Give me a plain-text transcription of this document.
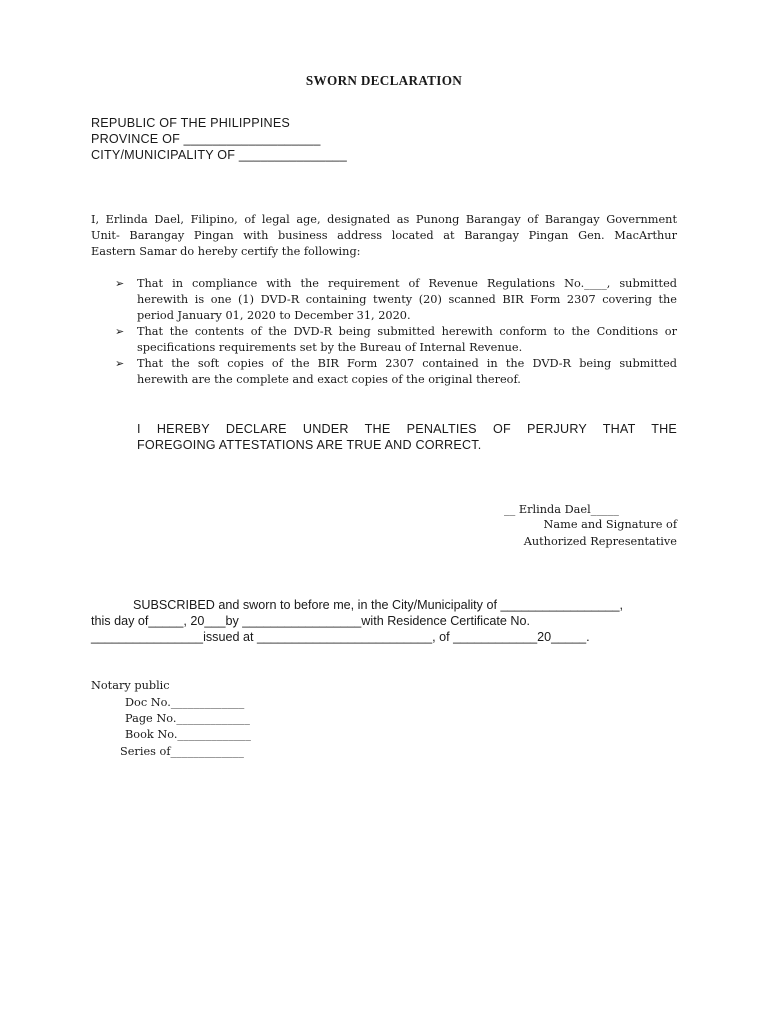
SWORN DECLARATION
REPUBLIC OF THE PHILIPPINES
PROVINCE OF ___________________
CITY/MUNICIPALITY OF _______________
I, Erlinda Dael, Filipino, of legal age, designated as Punong Barangay of Barangay Government
Unit- Barangay Pingan with business address located at Barangay Pingan Gen. MacArthur
Eastern Samar do hereby certify the following:
➢ That in compliance with the requirement of Revenue Regulations No.____, submitted
herewith is one (1) DVD-R containing twenty (20) scanned BIR Form 2307 covering the
period January 01, 2020 to December 31, 2020.
➢ That the contents of the DVD-R being submitted herewith conform to the Conditions or
specifications requirements set by the Bureau of Internal Revenue.
➢ That the soft copies of the BIR Form 2307 contained in the DVD-R being submitted
herewith are the complete and exact copies of the original thereof.
I HEREBY DECLARE UNDER THE PENALTIES OF PERJURY THAT THE
FOREGOING ATTESTATIONS ARE TRUE AND CORRECT.
__ Erlinda Dael_____
Name and Signature of
Authorized Representative
SUBSCRIBED and sworn to before me, in the City/Municipality of _________________,
this day of_____, 20___by _________________with Residence Certificate No.
________________issued at _________________________, of ____________20_____.
Notary public
Doc No._____________
Page No._____________
Book No._____________
Series of_____________
